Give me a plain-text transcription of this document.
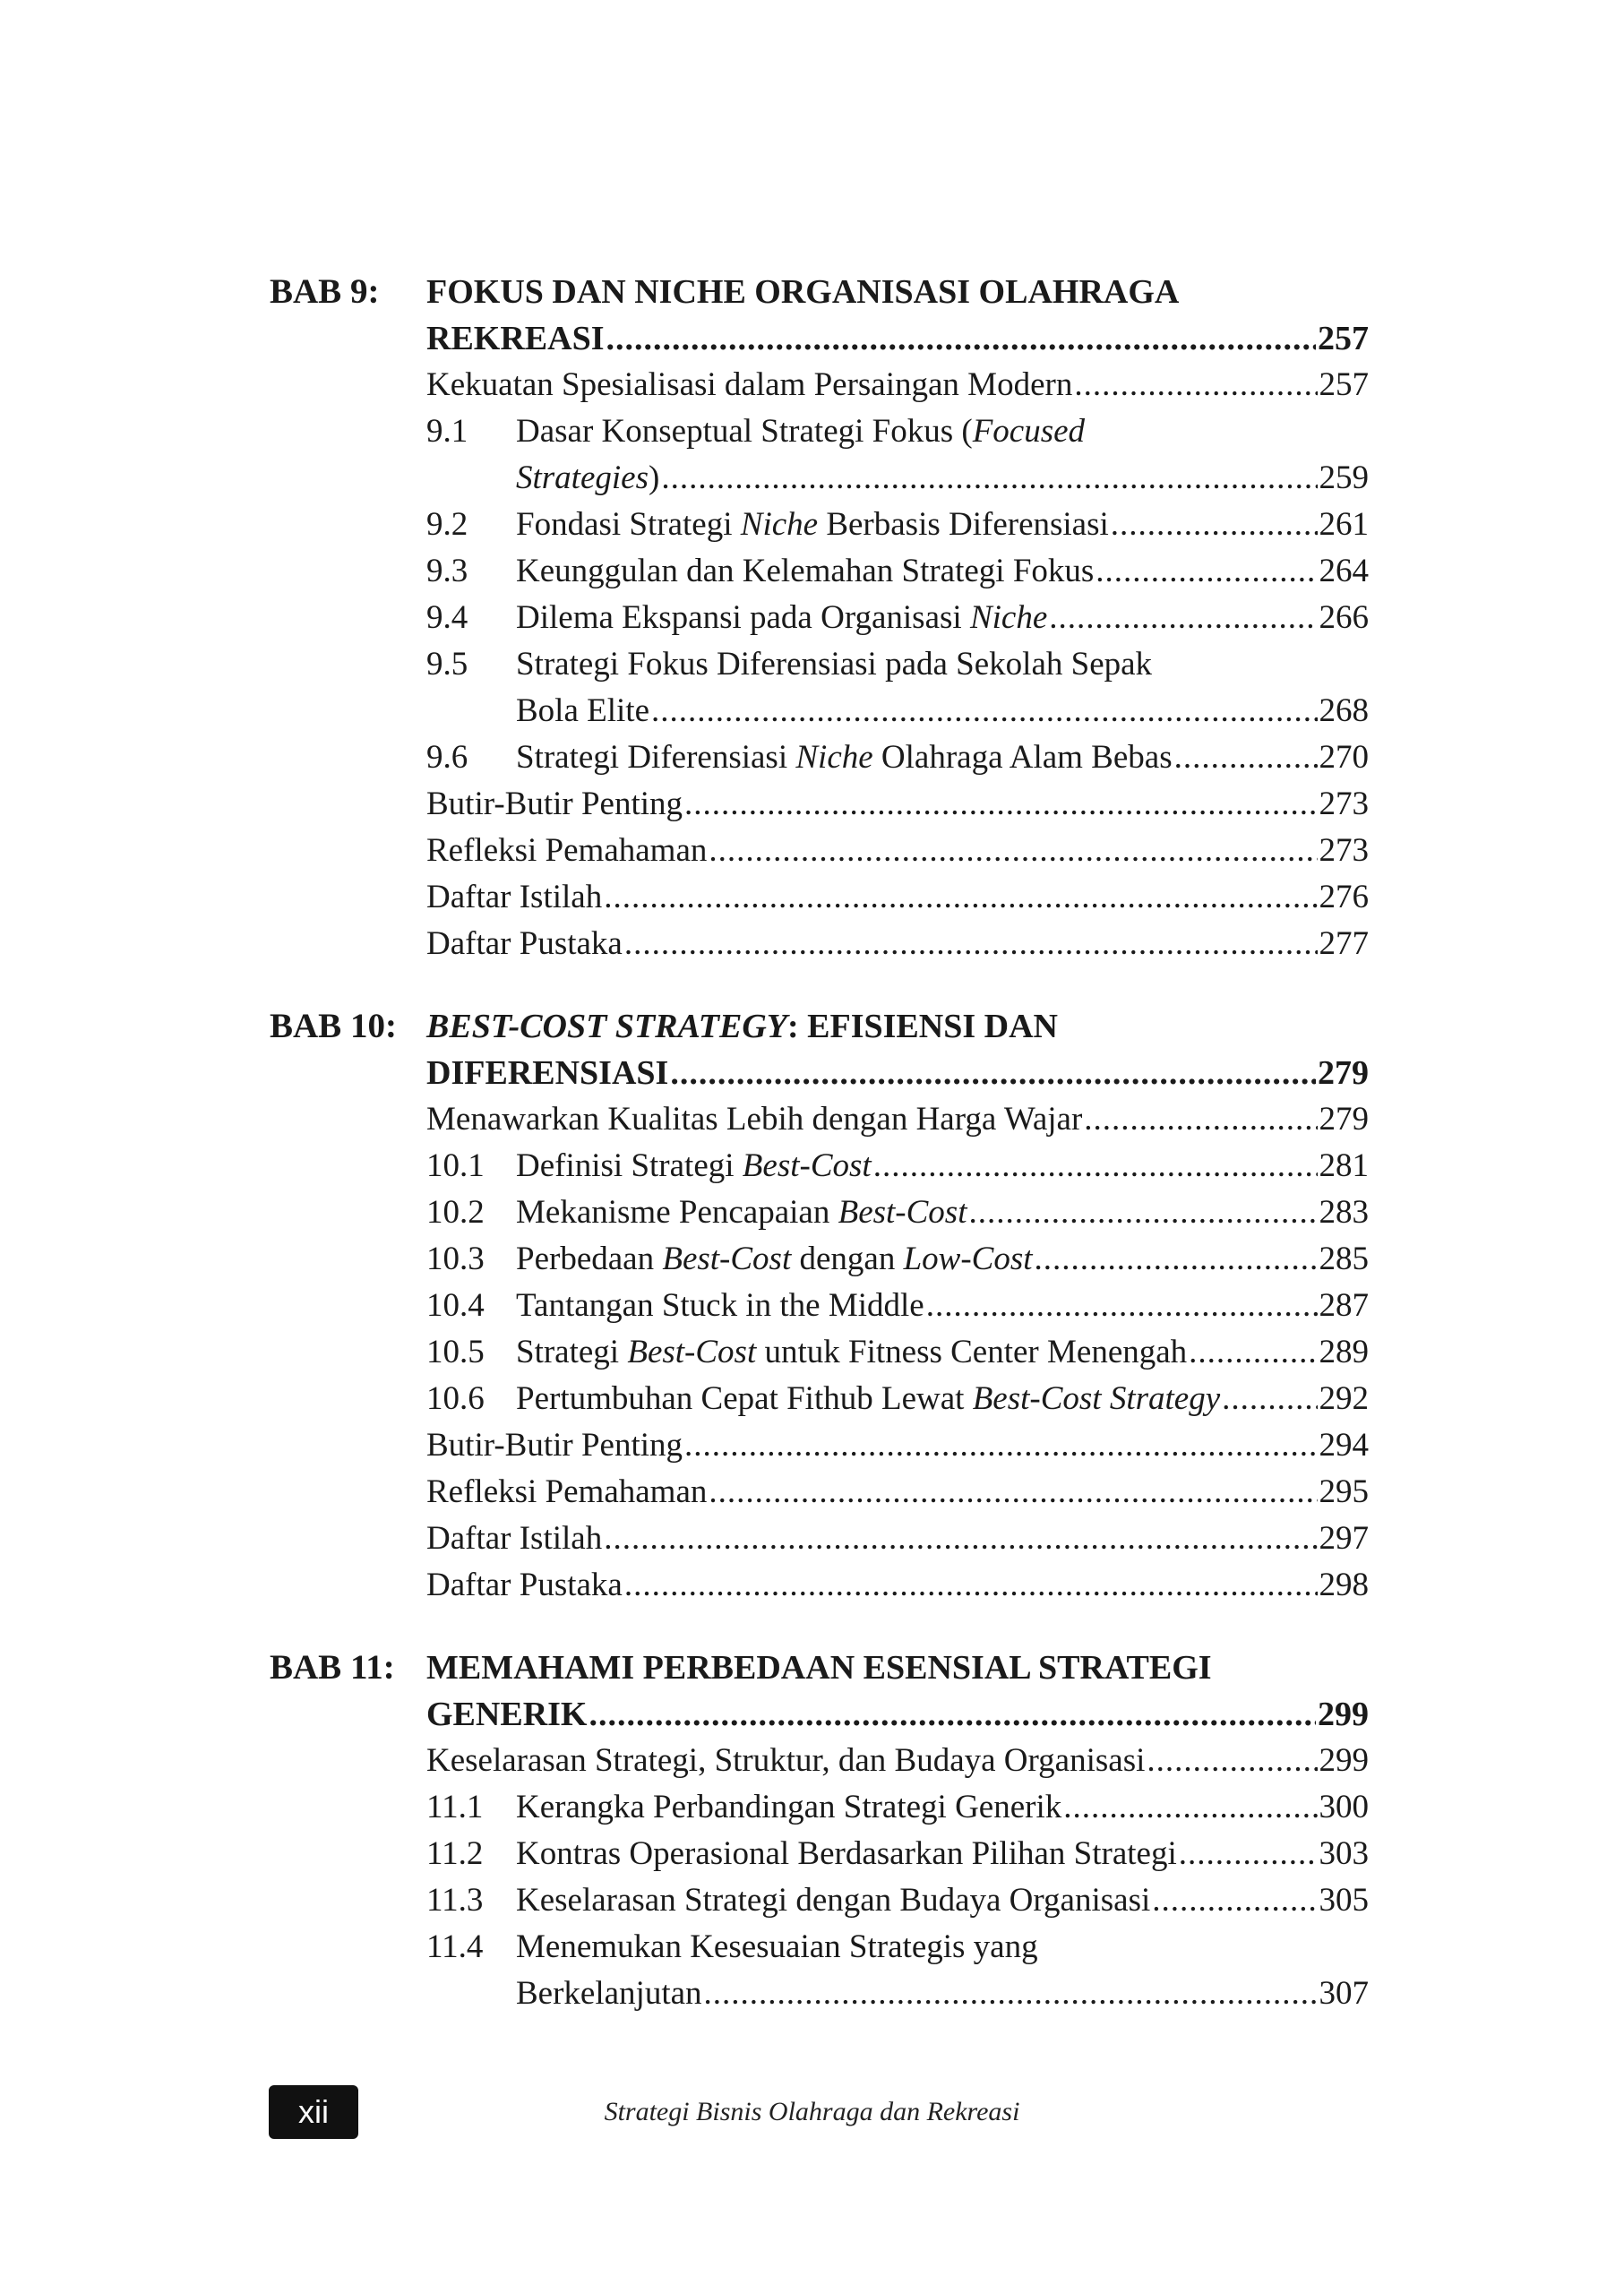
BAB 9: FOKUS DAN NICHE ORGANISASI OLAHRAGA
REKREASI .....	257
Kekuatan Spesialisasi dalam Persaingan Modern .....	257
9.1	Dasar Konseptual Strategi Fokus (Focused
Strategies) .....	259
9.2	Fondasi Strategi Niche Berbasis Diferensiasi .....	261
9.3	Keunggulan dan Kelemahan Strategi Fokus .....	264
9.4	Dilema Ekspansi pada Organisasi Niche .....	266
9.5	Strategi Fokus Diferensiasi pada Sekolah Sepak
Bola Elite .....	268
9.6	Strategi Diferensiasi Niche Olahraga Alam Bebas .....	270
Butir-Butir Penting .....	273
Refleksi Pemahaman .....	273
Daftar Istilah .....	276
Daftar Pustaka .....	277
BAB 10: BEST-COST STRATEGY: EFISIENSI DAN
DIFERENSIASI .....	279
Menawarkan Kualitas Lebih dengan Harga Wajar .....	279
10.1 Definisi Strategi Best-Cost .....	281
10.2 Mekanisme Pencapaian Best-Cost .....	283
10.3 Perbedaan Best-Cost dengan Low-Cost .....	285
10.4 Tantangan Stuck in the Middle .....	287
10.5 Strategi Best-Cost untuk Fitness Center Menengah .....	289
10.6 Pertumbuhan Cepat Fithub Lewat Best-Cost Strategy .....	292
Butir-Butir Penting .....	294
Refleksi Pemahaman .....	295
Daftar Istilah .....	297
Daftar Pustaka .....	298
BAB 11: MEMAHAMI PERBEDAAN ESENSIAL STRATEGI
GENERIK .....	299
Keselarasan Strategi, Struktur, dan Budaya Organisasi .....	299
11.1 Kerangka Perbandingan Strategi Generik .....	300
11.2 Kontras Operasional Berdasarkan Pilihan Strategi .....	303
11.3 Keselarasan Strategi dengan Budaya Organisasi .....	305
11.4 Menemukan Kesesuaian Strategis yang
Berkelanjutan .....	307
xii	Strategi Bisnis Olahraga dan Rekreasi
